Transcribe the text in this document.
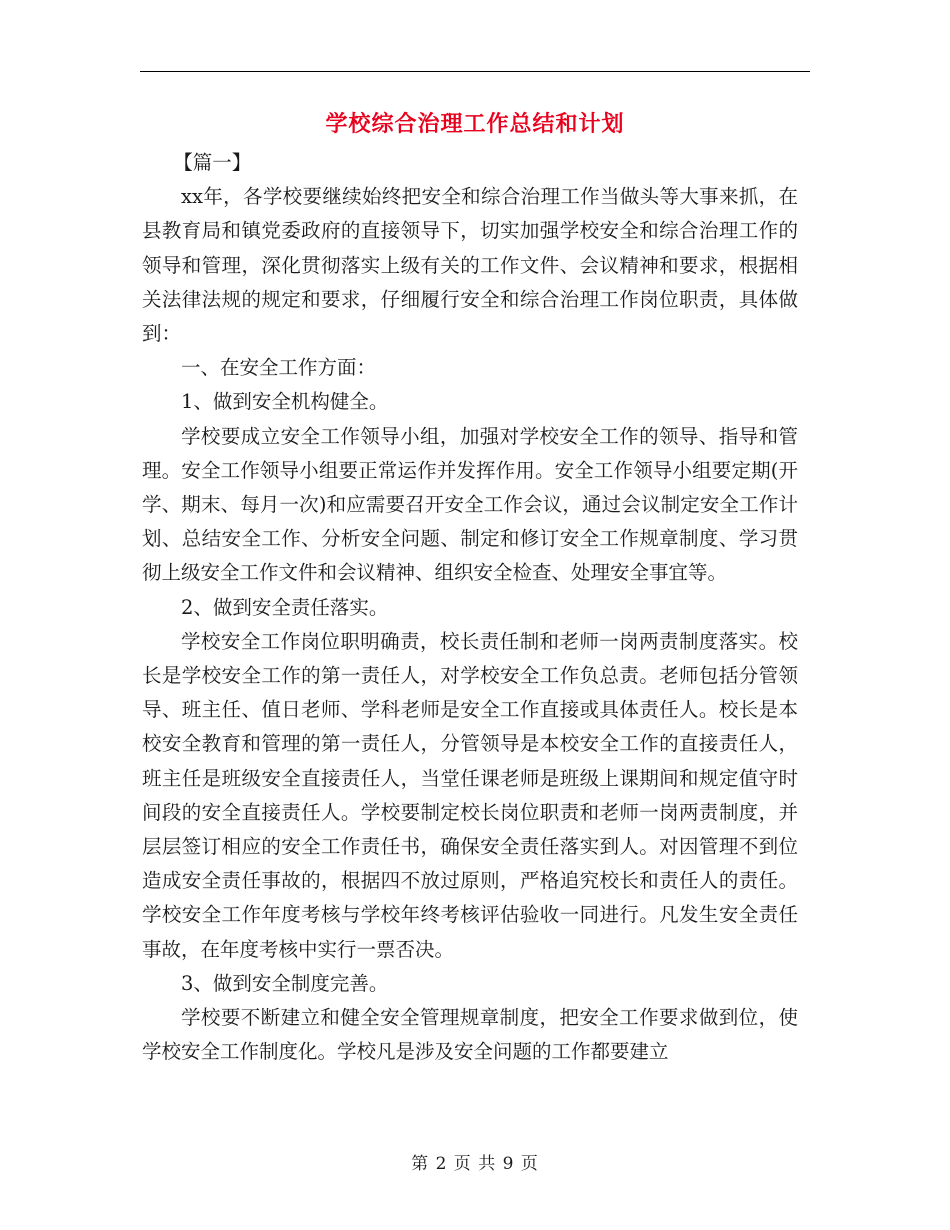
学校综合治理工作总结和计划

【篇一】

xx年，各学校要继续始终把安全和综合治理工作当做头等大事来抓，在县教育局和镇党委政府的直接领导下，切实加强学校安全和综合治理工作的领导和管理，深化贯彻落实上级有关的工作文件、会议精神和要求，根据相关法律法规的规定和要求，仔细履行安全和综合治理工作岗位职责，具体做到：

一、在安全工作方面：

1、做到安全机构健全。

学校要成立安全工作领导小组，加强对学校安全工作的领导、指导和管理。安全工作领导小组要正常运作并发挥作用。安全工作领导小组要定期(开学、期末、每月一次)和应需要召开安全工作会议，通过会议制定安全工作计划、总结安全工作、分析安全问题、制定和修订安全工作规章制度、学习贯彻上级安全工作文件和会议精神、组织安全检查、处理安全事宜等。

2、做到安全责任落实。

学校安全工作岗位职明确责，校长责任制和老师一岗两责制度落实。校长是学校安全工作的第一责任人，对学校安全工作负总责。老师包括分管领导、班主任、值日老师、学科老师是安全工作直接或具体责任人。校长是本校安全教育和管理的第一责任人，分管领导是本校安全工作的直接责任人，班主任是班级安全直接责任人，当堂任课老师是班级上课期间和规定值守时间段的安全直接责任人。学校要制定校长岗位职责和老师一岗两责制度，并层层签订相应的安全工作责任书，确保安全责任落实到人。对因管理不到位造成安全责任事故的，根据四不放过原则，严格追究校长和责任人的责任。学校安全工作年度考核与学校年终考核评估验收一同进行。凡发生安全责任事故，在年度考核中实行一票否决。

3、做到安全制度完善。

学校要不断建立和健全安全管理规章制度，把安全工作要求做到位，使学校安全工作制度化。学校凡是涉及安全问题的工作都要建立

第 2 页 共 9 页
